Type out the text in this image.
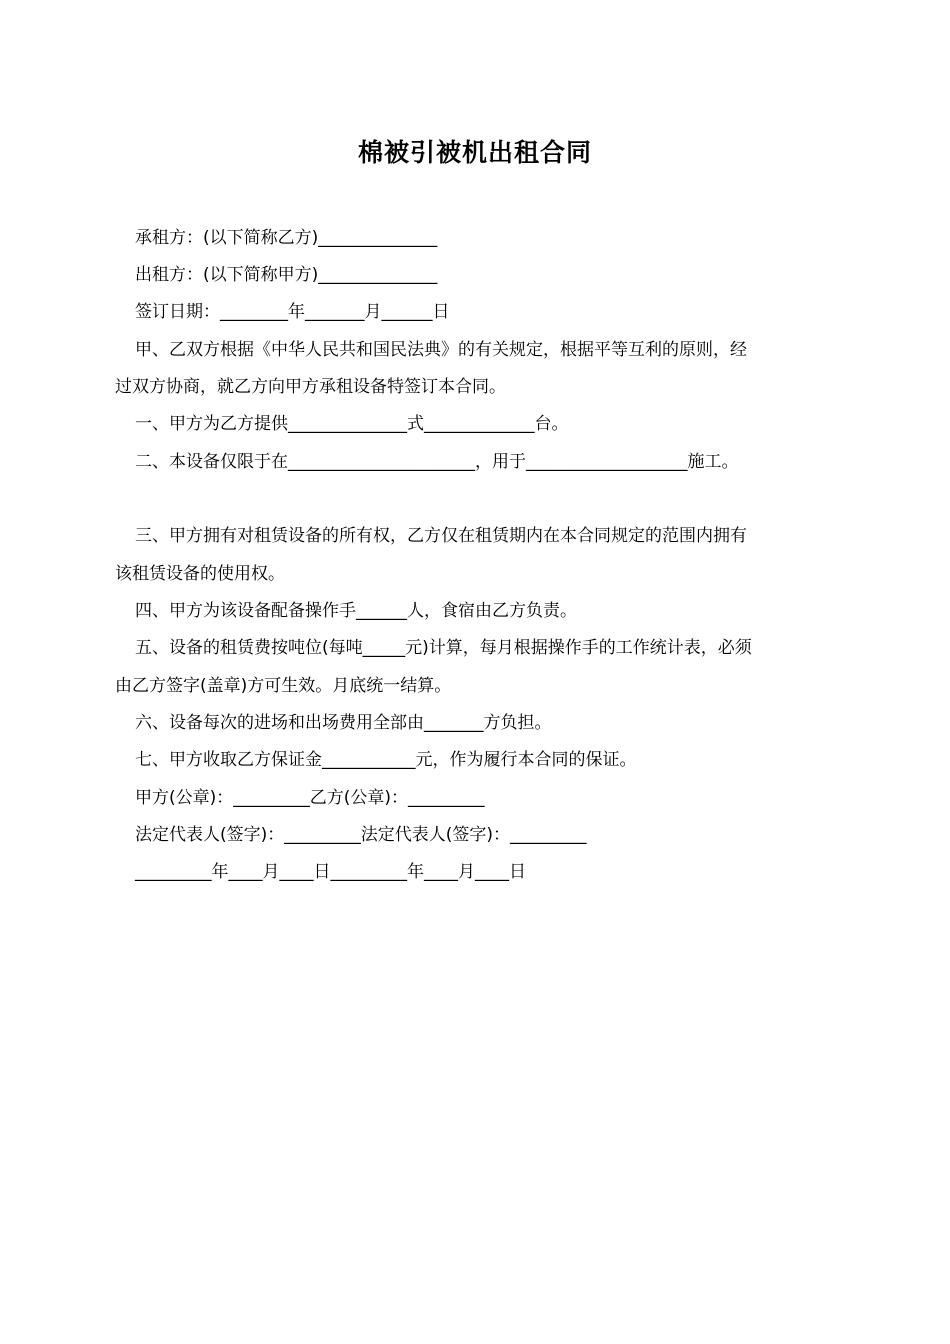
棉被引被机出租合同
承租方：(以下简称乙方)______________
出租方：(以下简称甲方)______________
签订日期：________年_______月______日
甲、乙双方根据《中华人民共和国民法典》的有关规定，根据平等互利的原则，经
过双方协商，就乙方向甲方承租设备特签订本合同。
一、甲方为乙方提供______________式_____________台。
二、本设备仅限于在______________________，用于___________________施工。
三、甲方拥有对租赁设备的所有权，乙方仅在租赁期内在本合同规定的范围内拥有
该租赁设备的使用权。
四、甲方为该设备配备操作手______人，食宿由乙方负责。
五、设备的租赁费按吨位(每吨_____元)计算，每月根据操作手的工作统计表，必须
由乙方签字(盖章)方可生效。月底统一结算。
六、设备每次的进场和出场费用全部由_______方负担。
七、甲方收取乙方保证金___________元，作为履行本合同的保证。
甲方(公章)：_________乙方(公章)：_________
法定代表人(签字)：_________法定代表人(签字)：_________
_________年____月____日_________年____月____日
